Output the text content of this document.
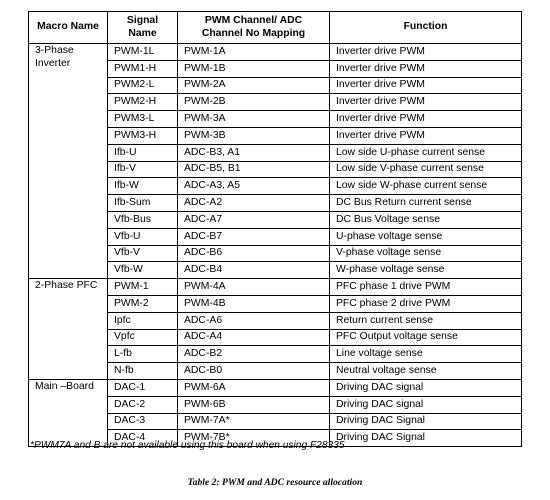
Macro Name	Signal Name	PWM Channel/ ADC Channel No Mapping	Function
3-Phase Inverter	PWM-1L	PWM-1A	Inverter drive PWM
	PWM1-H	PWM-1B	Inverter drive PWM
	PWM2-L	PWM-2A	Inverter drive PWM
	PWM2-H	PWM-2B	Inverter drive PWM
	PWM3-L	PWM-3A	Inverter drive PWM
	PWM3-H	PWM-3B	Inverter drive PWM
	Ifb-U	ADC-B3, A1	Low side U-phase current sense
	Ifb-V	ADC-B5, B1	Low side V-phase current sense
	Ifb-W	ADC-A3, A5	Low side W-phase current sense
	Ifb-Sum	ADC-A2	DC Bus Return current sense
	Vfb-Bus	ADC-A7	DC Bus Voltage sense
	Vfb-U	ADC-B7	U-phase voltage sense
	Vfb-V	ADC-B6	V-phase voltage sense
	Vfb-W	ADC-B4	W-phase voltage sense
2-Phase PFC	PWM-1	PWM-4A	PFC phase 1 drive PWM
	PWM-2	PWM-4B	PFC phase 2 drive PWM
	Ipfc	ADC-A6	Return current sense
	Vpfc	ADC-A4	PFC Output voltage sense
	L-fb	ADC-B2	Line voltage sense
	N-fb	ADC-B0	Neutral voltage sense
Main –Board	DAC-1	PWM-6A	Driving DAC signal
	DAC-2	PWM-6B	Driving DAC signal
	DAC-3	PWM-7A*	Driving DAC Signal
	DAC-4	PWM-7B*	Driving DAC Signal
*PWM7A and B are not available using this board when using F28335
Table 2: PWM and ADC resource allocation
